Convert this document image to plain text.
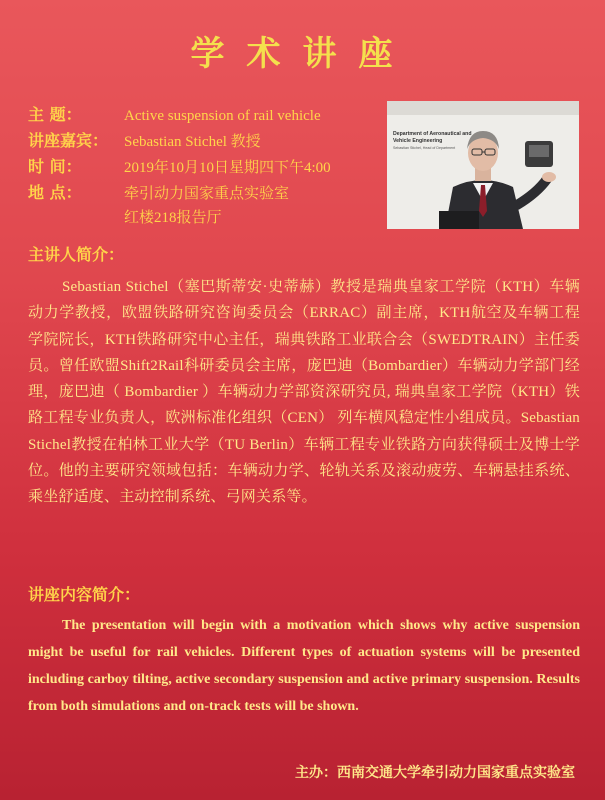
学术讲座
主 题：	Active suspension of rail vehicle
讲座嘉宾：	Sebastian Stichel 教授
时 间：	2019年10月10日星期四下午4:00
地 点：	牵引动力国家重点实验室
红楼218报告厅
Department of Aeronautical and
Vehicle Engineering
Sebastian Stichel, Head of Department
主讲人简介：
Sebastian Stichel（塞巴斯蒂安·史蒂赫）教授是瑞典皇家工学院（KTH）车辆动力学教授，欧盟铁路研究咨询委员会（ERRAC）副主席，KTH航空及车辆工程学院院长，KTH铁路研究中心主任，瑞典铁路工业联合会（SWEDTRAIN）主任委员。曾任欧盟Shift2Rail科研委员会主席，庞巴迪（Bombardier）车辆动力学部门经理，庞巴迪（ Bombardier ）车辆动力学部资深研究员, 瑞典皇家工学院（KTH）铁路工程专业负责人，欧洲标准化组织（CEN） 列车横风稳定性小组成员。Sebastian Stichel教授在柏林工业大学（TU Berlin）车辆工程专业铁路方向获得硕士及博士学位。他的主要研究领域包括：车辆动力学、轮轨关系及滚动疲劳、车辆悬挂系统、乘坐舒适度、主动控制系统、弓网关系等。
讲座内容简介：
The presentation will begin with a motivation which shows why active suspension might be useful for rail vehicles. Different types of actuation systems will be presented including carboy tilting, active secondary suspension and active primary suspension. Results from both simulations and on-track tests will be shown.
主办：西南交通大学牵引动力国家重点实验室
